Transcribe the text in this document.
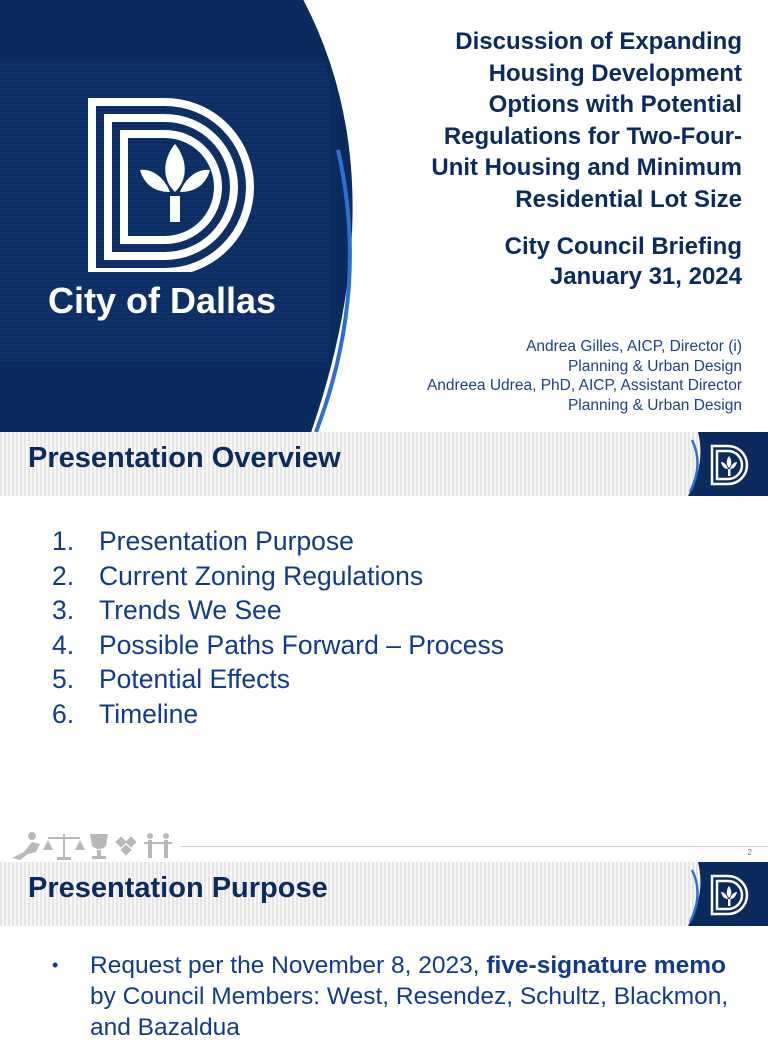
City of Dallas
Discussion of Expanding
Housing Development
Options with Potential
Regulations for Two-Four-
Unit Housing and Minimum
Residential Lot Size
City Council Briefing
January 31, 2024
Andrea Gilles, AICP, Director (i)
Planning & Urban Design
Andreea Udrea, PhD, AICP, Assistant Director
Planning & Urban Design
Presentation Overview
1. Presentation Purpose
2. Current Zoning Regulations
3. Trends We See
4. Possible Paths Forward – Process
5. Potential Effects
6. Timeline
2
Presentation Purpose
• Request per the November 8, 2023, five-signature memo by Council Members: West, Resendez, Schultz, Blackmon, and Bazaldua
